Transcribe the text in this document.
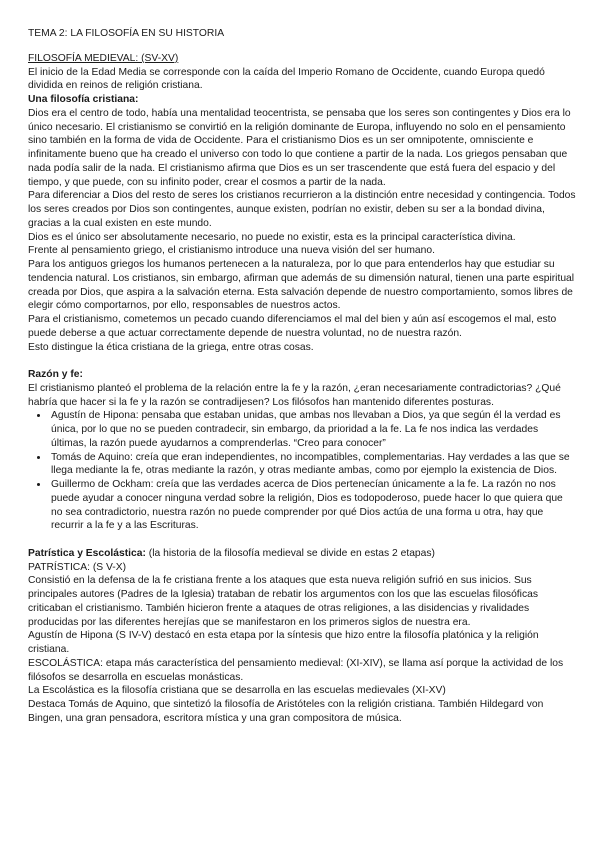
TEMA 2: LA FILOSOFÍA EN SU HISTORIA

FILOSOFÍA MEDIEVAL: (SV-XV)

El inicio de la Edad Media se corresponde con la caída del Imperio Romano de Occidente, cuando Europa quedó dividida en reinos de religión cristiana.

Una filosofía cristiana:

Dios era el centro de todo, había una mentalidad teocentrista, se pensaba que los seres son contingentes y Dios era lo único necesario. El cristianismo se convirtió en la religión dominante de Europa, influyendo no solo en el pensamiento sino también en la forma de vida de Occidente. Para el cristianismo Dios es un ser omnipotente, omnisciente e infinitamente bueno que ha creado el universo con todo lo que contiene a partir de la nada. Los griegos pensaban que nada podía salir de la nada. El cristianismo afirma que Dios es un ser trascendente que está fuera del espacio y del tiempo, y que puede, con su infinito poder, crear el cosmos a partir de la nada.

Para diferenciar a Dios del resto de seres los cristianos recurrieron a la distinción entre necesidad y contingencia. Todos los seres creados por Dios son contingentes, aunque existen, podrían no existir, deben su ser a la bondad divina, gracias a la cual existen en este mundo.

Dios es el único ser absolutamente necesario, no puede no existir, esta es la principal característica divina.

Frente al pensamiento griego, el cristianismo introduce una nueva visión del ser humano.

Para los antiguos griegos los humanos pertenecen a la naturaleza, por lo que para entenderlos hay que estudiar su tendencia natural. Los cristianos, sin embargo, afirman que además de su dimensión natural, tienen una parte espiritual creada por Dios, que aspira a la salvación eterna. Esta salvación depende de nuestro comportamiento, somos libres de elegir cómo comportarnos, por ello, responsables de nuestros actos.

Para el cristianismo, cometemos un pecado cuando diferenciamos el mal del bien y aún así escogemos el mal, esto puede deberse a que actuar correctamente depende de nuestra voluntad, no de nuestra razón.

Esto distingue la ética cristiana de la griega, entre otras cosas.

Razón y fe:

El cristianismo planteó el problema de la relación entre la fe y la razón, ¿eran necesariamente contradictorias? ¿Qué habría que hacer si la fe y la razón se contradijesen? Los filósofos han mantenido diferentes posturas.

• Agustín de Hipona: pensaba que estaban unidas, que ambas nos llevaban a Dios, ya que según él la verdad es única, por lo que no se pueden contradecir, sin embargo, da prioridad a la fe. La fe nos indica las verdades últimas, la razón puede ayudarnos a comprenderlas. “Creo para conocer”
• Tomás de Aquino: creía que eran independientes, no incompatibles, complementarias. Hay verdades a las que se llega mediante la fe, otras mediante la razón, y otras mediante ambas, como por ejemplo la existencia de Dios.
• Guillermo de Ockham: creía que las verdades acerca de Dios pertenecían únicamente a la fe. La razón no nos puede ayudar a conocer ninguna verdad sobre la religión, Dios es todopoderoso, puede hacer lo que quiera que no sea contradictorio, nuestra razón no puede comprender por qué Dios actúa de una forma u otra, hay que recurrir a la fe y a las Escrituras.

Patrística y Escolástica: (la historia de la filosofía medieval se divide en estas 2 etapas)

PATRÍSTICA: (S V-X)

Consistió en la defensa de la fe cristiana frente a los ataques que esta nueva religión sufrió en sus inicios. Sus principales autores (Padres de la Iglesia) trataban de rebatir los argumentos con los que las escuelas filosóficas criticaban el cristianismo. También hicieron frente a ataques de otras religiones, a las disidencias y rivalidades producidas por las diferentes herejías que se manifestaron en los primeros siglos de nuestra era.

Agustín de Hipona (S IV-V) destacó en esta etapa por la síntesis que hizo entre la filosofía platónica y la religión cristiana.

ESCOLÁSTICA: etapa más característica del pensamiento medieval: (XI-XIV), se llama así porque la actividad de los filósofos se desarrolla en escuelas monásticas.

La Escolástica es la filosofía cristiana que se desarrolla en las escuelas medievales (XI-XV)

Destaca Tomás de Aquino, que sintetizó la filosofía de Aristóteles con la religión cristiana. También Hildegard von Bingen, una gran pensadora, escritora mística y una gran compositora de música.
